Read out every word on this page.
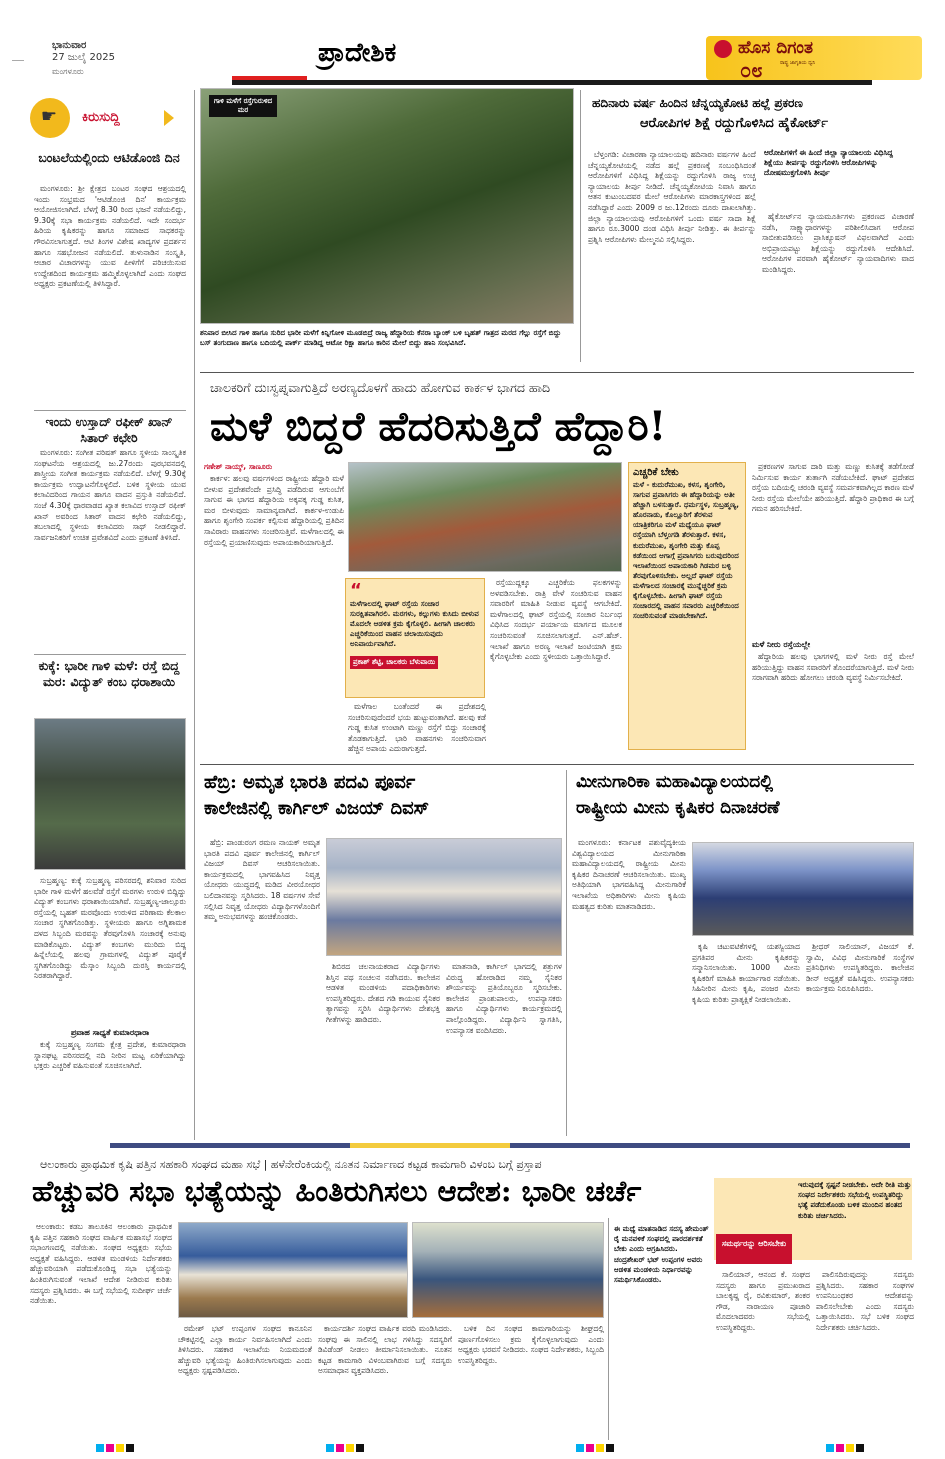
ಭಾನುವಾರ
27 ಜುಲೈ 2025
ಮಂಗಳೂರು
ಪ್ರಾದೇಶಿಕ	ಹೊಸ ದಿಗಂತ
ರಾಷ್ಟ್ರ ಜಾಗೃತಿಯ ಧ್ವನಿ
೦೮
☛ ಕಿರುಸುದ್ದಿ
ಬಂಟಲೆಯಲ್ಲಿಂದು ಆಟಿಡೊಂಜಿ ದಿನ

ಮಂಗಳೂರು: ಶ್ರೀ ಕ್ಷೇತ್ರದ ಬಂಟರ ಸಂಘದ ಆಶ್ರಯದಲ್ಲಿ ಇಂದು ಸಂಭ್ರಮದ 'ಆಟಿಡೊಂಜಿ ದಿನ' ಕಾರ್ಯಕ್ರಮ ಆಯೋಜಿಸಲಾಗಿದೆ. ಬೆಳಗ್ಗೆ 8.30 ರಿಂದ ಭಜನೆ ನಡೆಯಲಿದ್ದು, 9.30ಕ್ಕೆ ಸಭಾ ಕಾರ್ಯಕ್ರಮ ನಡೆಯಲಿದೆ. ಇದೇ ಸಂದರ್ಭ ಹಿರಿಯ ಕೃಷಿಕರನ್ನು ಹಾಗೂ ಸಮಾಜದ ಸಾಧಕರನ್ನು ಗೌರವಿಸಲಾಗುತ್ತದೆ. ಆಟಿ ತಿಂಗಳ ವಿಶೇಷ ಖಾದ್ಯಗಳ ಪ್ರದರ್ಶನ ಹಾಗೂ ಸಹಭೋಜನ ನಡೆಯಲಿದೆ. ತುಳುನಾಡಿನ ಸಂಸ್ಕೃತಿ, ಆಚಾರ ವಿಚಾರಗಳನ್ನು ಯುವ ಪೀಳಿಗೆಗೆ ಪರಿಚಯಿಸುವ ಉದ್ದೇಶದಿಂದ ಕಾರ್ಯಕ್ರಮ ಹಮ್ಮಿಕೊಳ್ಳಲಾಗಿದೆ ಎಂದು ಸಂಘದ ಅಧ್ಯಕ್ಷರು ಪ್ರಕಟಣೆಯಲ್ಲಿ ತಿಳಿಸಿದ್ದಾರೆ.

ಇಂದು ಉಸ್ತಾದ್ ರಫೀಕ್ ಖಾನ್ ಸಿತಾರ್ ಕಛೇರಿ

ಮಂಗಳೂರು: ಸಂಗೀತ ಪರಿಷತ್ ಹಾಗೂ ಸ್ಥಳೀಯ ಸಾಂಸ್ಕೃತಿಕ ಸಂಘಟನೆಯ ಆಶ್ರಯದಲ್ಲಿ ಜು.27ರಂದು ಪುರಭವನದಲ್ಲಿ ಶಾಸ್ತ್ರೀಯ ಸಂಗೀತ ಕಾರ್ಯಕ್ರಮ ನಡೆಯಲಿದೆ. ಬೆಳಗ್ಗೆ 9.30ಕ್ಕೆ ಕಾರ್ಯಕ್ರಮ ಉದ್ಘಾಟನೆಗೊಳ್ಳಲಿದೆ. ಬಳಿಕ ಸ್ಥಳೀಯ ಯುವ ಕಲಾವಿದರಿಂದ ಗಾಯನ ಹಾಗೂ ವಾದನ ಪ್ರಸ್ತುತಿ ನಡೆಯಲಿದೆ. ಸಂಜೆ 4.30ಕ್ಕೆ ಧಾರವಾಡದ ಖ್ಯಾತ ಕಲಾವಿದ ಉಸ್ತಾದ್ ರಫೀಕ್ ಖಾನ್ ಅವರಿಂದ ಸಿತಾರ್ ವಾದನ ಕಛೇರಿ ನಡೆಯಲಿದ್ದು, ತಬಲಾದಲ್ಲಿ ಸ್ಥಳೀಯ ಕಲಾವಿದರು ಸಾಥ್ ನೀಡಲಿದ್ದಾರೆ. ಸಾರ್ವಜನಿಕರಿಗೆ ಉಚಿತ ಪ್ರವೇಶವಿದೆ ಎಂದು ಪ್ರಕಟಣೆ ತಿಳಿಸಿದೆ.

ಕುಕ್ಕೆ: ಭಾರೀ ಗಾಳಿ ಮಳೆ: ರಸ್ತೆ ಬಿದ್ದ ಮರ: ವಿದ್ಯುತ್ ಕಂಬ ಧರಾಶಾಯಿ

ಸುಬ್ರಹ್ಮಣ್ಯ: ಕುಕ್ಕೆ ಸುಬ್ರಹ್ಮಣ್ಯ ಪರಿಸರದಲ್ಲಿ ಶನಿವಾರ ಸುರಿದ ಭಾರೀ ಗಾಳಿ ಮಳೆಗೆ ಹಲವೆಡೆ ರಸ್ತೆಗೆ ಮರಗಳು ಉರುಳಿ ಬಿದ್ದಿದ್ದು ವಿದ್ಯುತ್ ಕಂಬಗಳು ಧರಾಶಾಯಿಯಾಗಿವೆ. ಸುಬ್ರಹ್ಮಣ್ಯ-ಜಾಲ್ಸೂರು ರಸ್ತೆಯಲ್ಲಿ ಬೃಹತ್ ಮರವೊಂದು ಉರುಳಿದ ಪರಿಣಾಮ ಕೆಲಕಾಲ ಸಂಚಾರ ಸ್ಥಗಿತಗೊಂಡಿತ್ತು. ಸ್ಥಳೀಯರು ಹಾಗೂ ಅಗ್ನಿಶಾಮಕ ದಳದ ಸಿಬ್ಬಂದಿ ಮರವನ್ನು ತೆರವುಗೊಳಿಸಿ ಸಂಚಾರಕ್ಕೆ ಅನುವು ಮಾಡಿಕೊಟ್ಟರು. ವಿದ್ಯುತ್ ಕಂಬಗಳು ಮುರಿದು ಬಿದ್ದ ಹಿನ್ನೆಲೆಯಲ್ಲಿ ಹಲವು ಗ್ರಾಮಗಳಲ್ಲಿ ವಿದ್ಯುತ್ ಪೂರೈಕೆ ಸ್ಥಗಿತಗೊಂಡಿದ್ದು ಮೆಸ್ಕಾಂ ಸಿಬ್ಬಂದಿ ದುರಸ್ತಿ ಕಾರ್ಯದಲ್ಲಿ ನಿರತರಾಗಿದ್ದಾರೆ.

ಪ್ರವಾಹ ಸಾಧ್ಯತೆ ಕುಮಾರಧಾರಾ

ಕುಕ್ಕೆ ಸುಬ್ರಹ್ಮಣ್ಯ ಸಂಗಮ ಕ್ಷೇತ್ರ ಪ್ರದೇಶ, ಕುಮಾರಧಾರಾ ಸ್ನಾನಘಟ್ಟ ಪರಿಸರದಲ್ಲಿ ನದಿ ನೀರಿನ ಮಟ್ಟ ಏರಿಕೆಯಾಗಿದ್ದು ಭಕ್ತರು ಎಚ್ಚರಿಕೆ ವಹಿಸುವಂತೆ ಸೂಚಿಸಲಾಗಿದೆ.

ಗಾಳಿ ಮಳೆಗೆ ರಸ್ತೆಗುರುಳಿದ ಮರ
ಶನಿವಾರ ಬೀಸಿದ ಗಾಳಿ ಹಾಗೂ ಸುರಿದ ಭಾರೀ ಮಳೆಗೆ ಕಿನ್ನಿಗೋಳಿ ಮೂಡಬಿದ್ರೆ ರಾಜ್ಯ ಹೆದ್ದಾರಿಯ ಕೆನರಾ ಬ್ಯಾಂಕ್ ಬಳಿ ಬೃಹತ್ ಗಾತ್ರದ ಮರದ ಗೆಲ್ಲು ರಸ್ತೆಗೆ ಬಿದ್ದು ಬಸ್ ತಂಗುದಾಣ ಹಾಗೂ ಬದಿಯಲ್ಲಿ ಪಾರ್ಕ್ ಮಾಡಿದ್ದ ಆಟೋ ರಿಕ್ಷಾ ಹಾಗೂ ಕಾರಿನ ಮೇಲೆ ಬಿದ್ದು ಹಾನಿ ಸಂಭವಿಸಿದೆ.
ಹದಿನಾರು ವರ್ಷ ಹಿಂದಿನ ಚೆನ್ನಯ್ಯಕೋಟಿ ಹಲ್ಲೆ ಪ್ರಕರಣ
ಆರೋಪಿಗಳ ಶಿಕ್ಷೆ ರದ್ದುಗೊಳಿಸಿದ ಹೈಕೋರ್ಟ್

ಬೆಳ್ತಂಗಡಿ: ವಿಚಾರಣಾ ನ್ಯಾಯಾಲಯವು ಹದಿನಾರು ವರ್ಷಗಳ ಹಿಂದೆ ಚೆನ್ನಯ್ಯಕೋಟಿಯಲ್ಲಿ ನಡೆದ ಹಲ್ಲೆ ಪ್ರಕರಣಕ್ಕೆ ಸಂಬಂಧಿಸಿದಂತೆ ಆರೋಪಿಗಳಿಗೆ ವಿಧಿಸಿದ್ದ ಶಿಕ್ಷೆಯನ್ನು ರದ್ದುಗೊಳಿಸಿ ರಾಜ್ಯ ಉಚ್ಚ ನ್ಯಾಯಾಲಯ ತೀರ್ಪು ನೀಡಿದೆ. ಚೆನ್ನಯ್ಯಕೋಟಿಯ ನಿವಾಸಿ ಹಾಗೂ ಆತನ ಕುಟುಂಬದವರ ಮೇಲೆ ಆರೋಪಿಗಳು ಮಾರಕಾಸ್ತ್ರಗಳಿಂದ ಹಲ್ಲೆ ನಡೆಸಿದ್ದಾರೆ ಎಂದು 2009 ರ ಜು.12ರಂದು ದೂರು ದಾಖಲಾಗಿತ್ತು. ಜಿಲ್ಲಾ ನ್ಯಾಯಾಲಯವು ಆರೋಪಿಗಳಿಗೆ ಒಂದು ವರ್ಷ ಸಾದಾ ಶಿಕ್ಷೆ ಹಾಗೂ ರೂ.3000 ದಂಡ ವಿಧಿಸಿ ತೀರ್ಪು ನೀಡಿತ್ತು. ಈ ತೀರ್ಪನ್ನು ಪ್ರಶ್ನಿಸಿ ಆರೋಪಿಗಳು ಮೇಲ್ಮನವಿ ಸಲ್ಲಿಸಿದ್ದರು.

ಆರೋಪಿಗಳಿಗೆ ಈ ಹಿಂದೆ ಜಿಲ್ಲಾ ನ್ಯಾಯಾಲಯ ವಿಧಿಸಿದ್ದ ಶಿಕ್ಷೆಯು ತೀರ್ಪನ್ನು ರದ್ದುಗೊಳಿಸಿ ಆರೋಪಿಗಳನ್ನು ದೋಷಮುಕ್ತಗೊಳಿಸಿ ತೀರ್ಪು

ಹೈಕೋರ್ಟ್‌ನ ನ್ಯಾಯಮೂರ್ತಿಗಳು ಪ್ರಕರಣದ ವಿಚಾರಣೆ ನಡೆಸಿ, ಸಾಕ್ಷ್ಯಾಧಾರಗಳನ್ನು ಪರಿಶೀಲಿಸಿದಾಗ ಆರೋಪ ಸಾಬೀತುಪಡಿಸಲು ಪ್ರಾಸಿಕ್ಯೂಷನ್ ವಿಫಲವಾಗಿದೆ ಎಂದು ಅಭಿಪ್ರಾಯಪಟ್ಟು ಶಿಕ್ಷೆಯನ್ನು ರದ್ದುಗೊಳಿಸಿ ಆದೇಶಿಸಿದೆ. ಆರೋಪಿಗಳ ಪರವಾಗಿ ಹೈಕೋರ್ಟ್ ನ್ಯಾಯವಾದಿಗಳು ವಾದ ಮಂಡಿಸಿದ್ದರು.

ಚಾಲಕರಿಗೆ ದುಃಸ್ವಪ್ನವಾಗುತ್ತಿದೆ ಅರಣ್ಯದೊಳಗೆ ಹಾದು ಹೋಗುವ ಕಾರ್ಕಳ ಭಾಗದ ಹಾದಿ
ಮಳೆ ಬಿದ್ದರೆ ಹೆದರಿಸುತ್ತಿದೆ ಹೆದ್ದಾರಿ!
ಗಣೇಶ್ ನಾಯ್ಕ್, ಸಾಣೂರು

ಕಾರ್ಕಳ: ಹಲವು ವರ್ಷಗಳಿಂದ ರಾಷ್ಟ್ರೀಯ ಹೆದ್ದಾರಿ ಮಳೆ ಬೀಳುವ ಪ್ರದೇಶವೆಂದೇ ಪ್ರಸಿದ್ಧಿ ಪಡೆದಿರುವ ಆಗುಂಬೆಗೆ ಸಾಗುವ ಈ ಭಾಗದ ಹೆದ್ದಾರಿಯ ಅಕ್ಕಪಕ್ಕ ಗುಡ್ಡ ಕುಸಿತ, ಮರ ಬೀಳುವುದು ಸಾಮಾನ್ಯವಾಗಿದೆ. ಕಾರ್ಕಳ-ಉಡುಪಿ ಹಾಗೂ ಶೃಂಗೇರಿ ಸಂಪರ್ಕ ಕಲ್ಪಿಸುವ ಹೆದ್ದಾರಿಯಲ್ಲಿ ಪ್ರತಿದಿನ ಸಾವಿರಾರು ವಾಹನಗಳು ಸಂಚರಿಸುತ್ತಿವೆ. ಮಳೆಗಾಲದಲ್ಲಿ ಈ ರಸ್ತೆಯಲ್ಲಿ ಪ್ರಯಾಣಿಸುವುದು ಅಪಾಯಕಾರಿಯಾಗುತ್ತಿದೆ.

“
ಮಳೆಗಾಲದಲ್ಲಿ ಘಾಟ್ ರಸ್ತೆಯ ಸಂಚಾರ ಸುರಕ್ಷಿತವಾಗಿರಲಿ. ಮರಗಳು, ಕಲ್ಲುಗಳು ಕುಸಿದು ಬೀಳುವ ಮೊದಲೇ ಆಡಳಿತ ಕ್ರಮ ಕೈಗೊಳ್ಳಲಿ. ಹೀಗಾಗಿ ಚಾಲಕರು ಎಚ್ಚರಿಕೆಯಿಂದ ವಾಹನ ಚಲಾಯಿಸುವುದು ಅನಿವಾರ್ಯವಾಗಿದೆ.
ಪ್ರಕಾಶ್ ಶೆಟ್ಟಿ, ಚಾಲಕರು ಬೆಳುವಾಯಿ

ರಸ್ತೆಯುದ್ದಕ್ಕೂ ಎಚ್ಚರಿಕೆಯ ಫಲಕಗಳನ್ನು ಅಳವಡಿಸಬೇಕು. ರಾತ್ರಿ ವೇಳೆ ಸಂಚರಿಸುವ ವಾಹನ ಸವಾರರಿಗೆ ಮಾಹಿತಿ ನೀಡುವ ವ್ಯವಸ್ಥೆ ಆಗಬೇಕಿದೆ. ಮಳೆಗಾಲದಲ್ಲಿ ಘಾಟ್ ರಸ್ತೆಯಲ್ಲಿ ಸಂಚಾರ ನಿರ್ಬಂಧ ವಿಧಿಸಿದ ಸಂದರ್ಭ ಪರ್ಯಾಯ ಮಾರ್ಗದ ಮೂಲಕ ಸಂಚರಿಸುವಂತೆ ಸೂಚಿಸಲಾಗುತ್ತದೆ. ಎನ್.ಹೆಚ್. ಇಲಾಖೆ ಹಾಗೂ ಅರಣ್ಯ ಇಲಾಖೆ ಜಂಟಿಯಾಗಿ ಕ್ರಮ ಕೈಗೊಳ್ಳಬೇಕು ಎಂದು ಸ್ಥಳೀಯರು ಒತ್ತಾಯಿಸಿದ್ದಾರೆ.

ಮಳೆಗಾಲ ಬಂತೆಂದರೆ ಈ ಪ್ರದೇಶದಲ್ಲಿ ಸಂಚರಿಸುವುದೆಂದರೆ ಭಯ ಹುಟ್ಟುವಂತಾಗಿದೆ. ಹಲವು ಕಡೆ ಗುಡ್ಡ ಕುಸಿತ ಉಂಟಾಗಿ ಮಣ್ಣು ರಸ್ತೆಗೆ ಬಿದ್ದು ಸಂಚಾರಕ್ಕೆ ತೊಡಕಾಗುತ್ತಿದೆ. ಭಾರಿ ವಾಹನಗಳು ಸಂಚರಿಸುವಾಗ ಹೆಚ್ಚಿನ ಅಪಾಯ ಎದುರಾಗುತ್ತದೆ.

ಎಚ್ಚರಿಕೆ ಬೇಕು
ಮಳೆ - ಕುದುರೆಮುಖ, ಕಳಸ, ಶೃಂಗೇರಿ, ಸಾಗುವ ಪ್ರವಾಸಿಗರು ಈ ಹೆದ್ದಾರಿಯನ್ನು ಅತೀ ಹೆಚ್ಚಾಗಿ ಬಳಸುತ್ತಾರೆ. ಧರ್ಮಸ್ಥಳ, ಸುಬ್ರಹ್ಮಣ್ಯ, ಹೊರನಾಡು, ಕೊಲ್ಲೂರಿಗೆ ತೆರಳುವ ಯಾತ್ರಿಕರಿಗೂ ಮಳೆ ಮಧ್ಯೆಯೂ ಘಾಟ್ ರಸ್ತೆಯಾಗಿ ಬೆಳ್ತಂಗಡಿ ತೆರಳುತ್ತಾರೆ. ಕಳಸ, ಕುದುರೆಮುಖ, ಶೃಂಗೇರಿ ಮತ್ತು ಕೊಪ್ಪ ಕಡೆಯಿಂದ ಆಗಾಗ್ಗೆ ಪ್ರವಾಸಿಗರು ಬರುವುದರಿಂದ ಇಲಾಖೆಯಿಂದ ಅಪಾಯಕಾರಿ ಗಿಡಮರ ಬಳ್ಳಿ ತೆರವುಗೊಳಿಸಬೇಕು. ಅಲ್ಲದೆ ಘಾಟ್ ರಸ್ತೆಯ ಮಳೆಗಾಲದ ಸಂಚಾರಕ್ಕೆ ಮುನ್ನೆಚ್ಚರಿಕೆ ಕ್ರಮ ಕೈಗೊಳ್ಳಬೇಕು. ಹೀಗಾಗಿ ಘಾಟ್ ರಸ್ತೆಯ ಸಂಚಾರದಲ್ಲಿ ವಾಹನ ಸವಾರರು ಎಚ್ಚರಿಕೆಯಿಂದ ಸಂಚರಿಸುವಂತೆ ಮಾಡಬೇಕಾಗಿದೆ.

ಪ್ರಕರಣಗಳ ಸಾಗುವ ದಾರಿ ಮತ್ತು ಮಣ್ಣು ಕುಸಿತಕ್ಕೆ ತಡೆಗೋಡೆ ನಿರ್ಮಿಸುವ ಕಾರ್ಯ ತುರ್ತಾಗಿ ನಡೆಯಬೇಕಿದೆ. ಘಾಟ್ ಪ್ರದೇಶದ ರಸ್ತೆಯ ಬದಿಯಲ್ಲಿ ಚರಂಡಿ ವ್ಯವಸ್ಥೆ ಸಮರ್ಪಕವಾಗಿಲ್ಲದ ಕಾರಣ ಮಳೆ ನೀರು ರಸ್ತೆಯ ಮೇಲೆಯೇ ಹರಿಯುತ್ತಿದೆ. ಹೆದ್ದಾರಿ ಪ್ರಾಧಿಕಾರ ಈ ಬಗ್ಗೆ ಗಮನ ಹರಿಸಬೇಕಿದೆ.

ಮಳೆ ನೀರು ರಸ್ತೆಯಲ್ಲೇ

ಹೆದ್ದಾರಿಯ ಹಲವು ಭಾಗಗಳಲ್ಲಿ ಮಳೆ ನೀರು ರಸ್ತೆ ಮೇಲೆ ಹರಿಯುತ್ತಿದ್ದು ವಾಹನ ಸವಾರರಿಗೆ ತೊಂದರೆಯಾಗುತ್ತಿದೆ. ಮಳೆ ನೀರು ಸರಾಗವಾಗಿ ಹರಿದು ಹೋಗಲು ಚರಂಡಿ ವ್ಯವಸ್ಥೆ ನಿರ್ಮಿಸಬೇಕಿದೆ.

ಹೆಬ್ರಿ: ಅಮೃತ ಭಾರತಿ ಪದವಿ ಪೂರ್ವ
ಕಾಲೇಜಿನಲ್ಲಿ ಕಾರ್ಗಿಲ್ ವಿಜಯ್ ದಿವಸ್

ಹೆಬ್ರಿ: ಪಾಂಡುರಂಗ ರಮಣ ನಾಯಕ್ ಅಮೃತ ಭಾರತಿ ಪದವಿ ಪೂರ್ವ ಕಾಲೇಜಿನಲ್ಲಿ ಕಾರ್ಗಿಲ್ ವಿಜಯ್ ದಿವಸ್ ಆಚರಿಸಲಾಯಿತು. ಕಾರ್ಯಕ್ರಮದಲ್ಲಿ ಭಾಗವಹಿಸಿದ ನಿವೃತ್ತ ಯೋಧರು ಯುದ್ಧದಲ್ಲಿ ಮಡಿದ ವೀರಯೋಧರ ಬಲಿದಾನವನ್ನು ಸ್ಮರಿಸಿದರು. 18 ವರ್ಷಗಳ ಸೇವೆ ಸಲ್ಲಿಸಿದ ನಿವೃತ್ತ ಯೋಧರು ವಿದ್ಯಾರ್ಥಿಗಳೊಂದಿಗೆ ತಮ್ಮ ಅನುಭವಗಳನ್ನು ಹಂಚಿಕೊಂಡರು.

ಶಿಬಿರದ ಚಲನಾಯಕರಾದ ವಿದ್ಯಾರ್ಥಿಗಳು ಶಿಸ್ತಿನ ಪಥ ಸಂಚಲನ ನಡೆಸಿದರು. ಕಾಲೇಜಿನ ಆಡಳಿತ ಮಂಡಳಿಯ ಪದಾಧಿಕಾರಿಗಳು ಉಪಸ್ಥಿತರಿದ್ದರು. ದೇಶದ ಗಡಿ ಕಾಯುವ ಸೈನಿಕರ ತ್ಯಾಗವನ್ನು ಸ್ಮರಿಸಿ ವಿದ್ಯಾರ್ಥಿಗಳು ದೇಶಭಕ್ತಿ ಗೀತೆಗಳನ್ನು ಹಾಡಿದರು.

ಮಾತನಾಡಿ, ಕಾರ್ಗಿಲ್ ಭಾಗದಲ್ಲಿ ಶತ್ರುಗಳ ವಿರುದ್ಧ ಹೋರಾಡಿದ ನಮ್ಮ ಸೈನಿಕರ ಶೌರ್ಯವನ್ನು ಪ್ರತಿಯೊಬ್ಬರೂ ಸ್ಮರಿಸಬೇಕು. ಕಾಲೇಜಿನ ಪ್ರಾಂಶುಪಾಲರು, ಉಪನ್ಯಾಸಕರು ಹಾಗೂ ವಿದ್ಯಾರ್ಥಿಗಳು ಕಾರ್ಯಕ್ರಮದಲ್ಲಿ ಪಾಲ್ಗೊಂಡಿದ್ದರು. ವಿದ್ಯಾರ್ಥಿನಿ ಸ್ವಾಗತಿಸಿ, ಉಪನ್ಯಾಸಕ ವಂದಿಸಿದರು.

ಮೀನುಗಾರಿಕಾ ಮಹಾವಿದ್ಯಾಲಯದಲ್ಲಿ
ರಾಷ್ಟ್ರೀಯ ಮೀನು ಕೃಷಿಕರ ದಿನಾಚರಣೆ

ಮಂಗಳೂರು: ಕರ್ನಾಟಕ ಪಶುವೈದ್ಯಕೀಯ ವಿಶ್ವವಿದ್ಯಾಲಯದ ಮೀನುಗಾರಿಕಾ ಮಹಾವಿದ್ಯಾಲಯದಲ್ಲಿ ರಾಷ್ಟ್ರೀಯ ಮೀನು ಕೃಷಿಕರ ದಿನಾಚರಣೆ ಆಚರಿಸಲಾಯಿತು. ಮುಖ್ಯ ಅತಿಥಿಯಾಗಿ ಭಾಗವಹಿಸಿದ್ದ ಮೀನುಗಾರಿಕೆ ಇಲಾಖೆಯ ಅಧಿಕಾರಿಗಳು ಮೀನು ಕೃಷಿಯ ಮಹತ್ವದ ಕುರಿತು ಮಾತನಾಡಿದರು.

ಕೃಷಿ ಚಟುವಟಿಕೆಗಳಲ್ಲಿ ಯಶಸ್ವಿಯಾದ ಪ್ರಗತಿಪರ ಮೀನು ಕೃಷಿಕರನ್ನು ಸನ್ಮಾನಿಸಲಾಯಿತು. 1000 ಮೀನು ಕೃಷಿಕರಿಗೆ ಮಾಹಿತಿ ಕಾರ್ಯಾಗಾರ ನಡೆಯಿತು. ಸಿಹಿನೀರಿನ ಮೀನು ಕೃಷಿ, ಪಂಜರ ಮೀನು ಕೃಷಿಯ ಕುರಿತು ಪ್ರಾತ್ಯಕ್ಷಿಕೆ ನೀಡಲಾಯಿತು.

ಶ್ರೀಧರ್ ಸಾಲಿಯಾನ್, ವಿಜಯ್ ಕೆ. ಸ್ವಾಮಿ, ವಿವಿಧ ಮೀನುಗಾರಿಕೆ ಸಂಸ್ಥೆಗಳ ಪ್ರತಿನಿಧಿಗಳು ಉಪಸ್ಥಿತರಿದ್ದರು. ಕಾಲೇಜಿನ ಡೀನ್ ಅಧ್ಯಕ್ಷತೆ ವಹಿಸಿದ್ದರು. ಉಪನ್ಯಾಸಕರು ಕಾರ್ಯಕ್ರಮ ನಿರೂಪಿಸಿದರು.

ಆಲಂಕಾರು ಪ್ರಾಥಮಿಕ ಕೃಷಿ ಪತ್ತಿನ ಸಹಕಾರಿ ಸಂಘದ ಮಹಾ ಸಭೆ | ಹಳೆನೇರೆಂಕಿಯಲ್ಲಿ ನೂತನ ನಿರ್ಮಾಣದ ಕಟ್ಟಡ ಕಾಮಗಾರಿ ವಿಳಂಬ ಬಗ್ಗೆ ಪ್ರಸ್ತಾಪ
ಹೆಚ್ಚುವರಿ ಸಭಾ ಭತ್ಯೆಯನ್ನು ಹಿಂತಿರುಗಿಸಲು ಆದೇಶ: ಭಾರೀ ಚರ್ಚೆ

ಆಲಂಕಾರು: ಕಡಬ ತಾಲೂಕಿನ ಆಲಂಕಾರು ಪ್ರಾಥಮಿಕ ಕೃಷಿ ಪತ್ತಿನ ಸಹಕಾರಿ ಸಂಘದ ವಾರ್ಷಿಕ ಮಹಾಸಭೆ ಸಂಘದ ಸಭಾಂಗಣದಲ್ಲಿ ನಡೆಯಿತು. ಸಂಘದ ಅಧ್ಯಕ್ಷರು ಸಭೆಯ ಅಧ್ಯಕ್ಷತೆ ವಹಿಸಿದ್ದರು. ಆಡಳಿತ ಮಂಡಳಿಯ ನಿರ್ದೇಶಕರು ಹೆಚ್ಚುವರಿಯಾಗಿ ಪಡೆದುಕೊಂಡಿದ್ದ ಸಭಾ ಭತ್ಯೆಯನ್ನು ಹಿಂತಿರುಗಿಸುವಂತೆ ಇಲಾಖೆ ಆದೇಶ ನೀಡಿರುವ ಕುರಿತು ಸದಸ್ಯರು ಪ್ರಶ್ನಿಸಿದರು. ಈ ಬಗ್ಗೆ ಸಭೆಯಲ್ಲಿ ಸುದೀರ್ಘ ಚರ್ಚೆ ನಡೆಯಿತು.

ರಮೇಶ್ ಭಟ್ ಉಪ್ಪಂಗಳ ಸಂಘದ ಕಾನೂನಿನ ಚೌಕಟ್ಟಿನಲ್ಲಿ ಎಲ್ಲಾ ಕಾರ್ಯ ನಿರ್ವಹಿಸಲಾಗಿದೆ ಎಂದು ತಿಳಿಸಿದರು. ಸಹಕಾರ ಇಲಾಖೆಯ ನಿಯಮದಂತೆ ಹೆಚ್ಚುವರಿ ಭತ್ಯೆಯನ್ನು ಹಿಂತಿರುಗಿಸಲಾಗುವುದು ಎಂದು ಅಧ್ಯಕ್ಷರು ಸ್ಪಷ್ಟಪಡಿಸಿದರು.

ಕಾರ್ಯದರ್ಶಿ ಸಂಘದ ವಾರ್ಷಿಕ ವರದಿ ಮಂಡಿಸಿದರು. ಸಂಘವು ಈ ಸಾಲಿನಲ್ಲಿ ಲಾಭ ಗಳಿಸಿದ್ದು ಸದಸ್ಯರಿಗೆ ಡಿವಿಡೆಂಡ್ ನೀಡಲು ತೀರ್ಮಾನಿಸಲಾಯಿತು. ನೂತನ ಕಟ್ಟಡ ಕಾಮಗಾರಿ ವಿಳಂಬವಾಗಿರುವ ಬಗ್ಗೆ ಸದಸ್ಯರು ಅಸಮಾಧಾನ ವ್ಯಕ್ತಪಡಿಸಿದರು.

ಬಳಿಕ ದಿನ ಸಂಘದ ಕಾಮಗಾರಿಯನ್ನು ಶೀಘ್ರದಲ್ಲಿ ಪೂರ್ಣಗೊಳಿಸಲು ಕ್ರಮ ಕೈಗೊಳ್ಳಲಾಗುವುದು ಎಂದು ಅಧ್ಯಕ್ಷರು ಭರವಸೆ ನೀಡಿದರು. ಸಂಘದ ನಿರ್ದೇಶಕರು, ಸಿಬ್ಬಂದಿ ಉಪಸ್ಥಿತರಿದ್ದರು.

ಈ ಮಧ್ಯೆ ಮಾತನಾಡಿದ ಸದಸ್ಯ ಹೇಮಂತ್ ರೈ ಮನವಳಿಕೆ ಸಂಘದಲ್ಲಿ ಪಾರದರ್ಶಕತೆ ಬೇಕು ಎಂದು ಆಗ್ರಹಿಸಿದರು. ಚಂದ್ರಶೇಖರ್ ಭಟ್ ಉಪ್ಪಂಗಳ ಅವರು ಆಡಳಿತ ಮಂಡಳಿಯ ನಿರ್ಧಾರವನ್ನು ಸಮರ್ಥಿಸಿಕೊಂಡರು.
ಇರುವುದಕ್ಕೆ ಸ್ಪಷ್ಟನೆ ನೀಡಬೇಕು. ಅದೇ ರೀತಿ ಮತ್ತು ಸಂಘದ ನಿರ್ದೇಶಕರು ಸಭೆಯಲ್ಲಿ ಉಪಸ್ಥಿತರಿದ್ದು ಭತ್ಯೆ ಪಡೆದುಕೊಂಡು ಬಳಿಕ ಮುಂದಿನ ಹಂತದ ಕುರಿತು ಚರ್ಚಿಸಿದರು.
ಸಮರ್ಥರನ್ನು ಆರಿಸಬೇಕು

ಸಾಲಿಯಾನ್, ಆನಂದ ಕೆ. ಸಂಘದ ಸದಸ್ಯರು ಹಾಗೂ ಪ್ರಮುಖರಾದ ಬಾಲಕೃಷ್ಣ ರೈ, ರವಿಕುಮಾರ್, ಶಂಕರ ಗೌಡ, ನಾರಾಯಣ ಪೂಜಾರಿ ಮೊದಲಾದವರು ಸಭೆಯಲ್ಲಿ ಉಪಸ್ಥಿತರಿದ್ದರು.

ಪಾಲಿಸದಿರುವುದನ್ನು ಸದಸ್ಯರು ಪ್ರಶ್ನಿಸಿದರು. ಸಹಕಾರ ಸಂಘಗಳ ಉಪನಿಬಂಧಕರ ಆದೇಶವನ್ನು ಪಾಲಿಸಲೇಬೇಕು ಎಂದು ಸದಸ್ಯರು ಒತ್ತಾಯಿಸಿದರು. ಸಭೆ ಬಳಿಕ ಸಂಘದ ನಿರ್ದೇಶಕರು ಚರ್ಚಿಸಿದರು.
